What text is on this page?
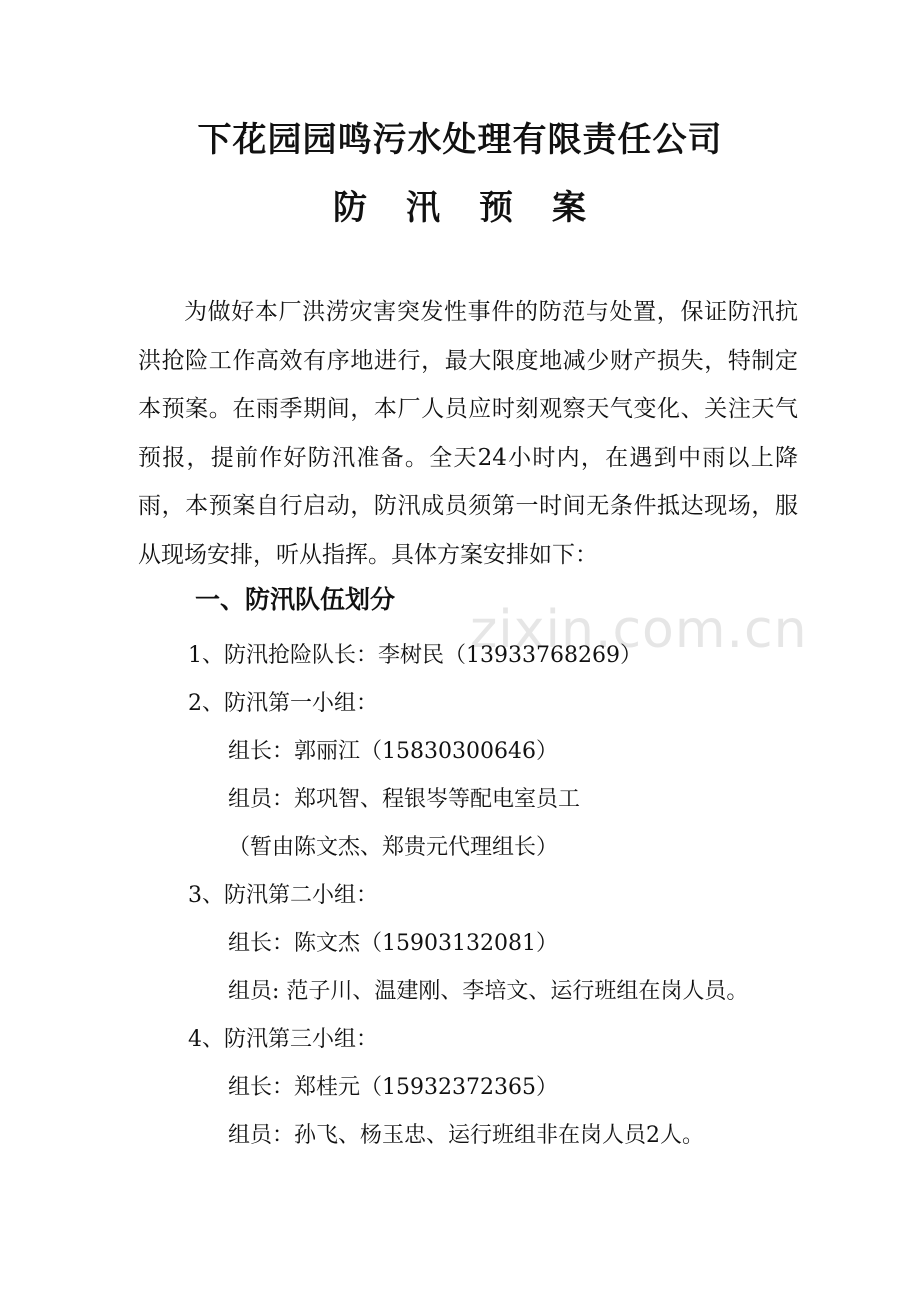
下花园园鸣污水处理有限责任公司
防 汛 预 案
为做好本厂洪涝灾害突发性事件的防范与处置，保证防汛抗洪抢险工作高效有序地进行，最大限度地减少财产损失，特制定本预案。在雨季期间，本厂人员应时刻观察天气变化、关注天气预报，提前作好防汛准备。全天24小时内，在遇到中雨以上降雨，本预案自行启动，防汛成员须第一时间无条件抵达现场，服从现场安排，听从指挥。具体方案安排如下：
一、防汛队伍划分
zixin.com.cn
1、防汛抢险队长：李树民（13933768269）
2、防汛第一小组：
组长：郭丽江（15830300646）
组员：郑巩智、程银岑等配电室员工
（暂由陈文杰、郑贵元代理组长）
3、防汛第二小组：
组长：陈文杰（15903132081）
组员: 范子川、温建刚、李培文、运行班组在岗人员。
4、防汛第三小组：
组长：郑桂元（15932372365）
组员：孙飞、杨玉忠、运行班组非在岗人员2人。
